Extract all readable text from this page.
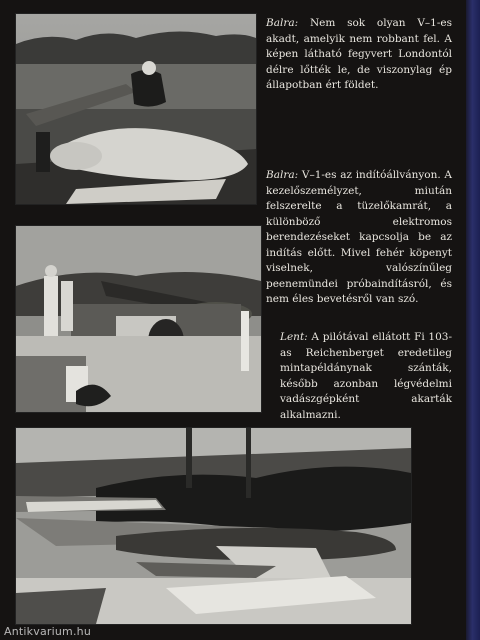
Balra: Nem sok olyan V–1-es akadt, amelyik nem robbant fel. A képen látható fegyvert Londontól délre lőtték le, de viszonylag ép állapotban ért földet.
Balra: V–1-es az indítóállványon. A kezelőszemélyzet, miután felszerelte a tüzelőkamrát, a különböző elektromos berendezéseket kapcsolja be az indítás előtt. Mivel fehér köpenyt viselnek, valószínűleg peenemündei próbaindításról, és nem éles bevetésről van szó.
Lent: A pilótával ellátott Fi 103-as Reichenberget eredetileg mintapéldánynak szánták, később azonban légvédelmi vadászgépként akarták alkalmazni.
Antikvarium.hu
